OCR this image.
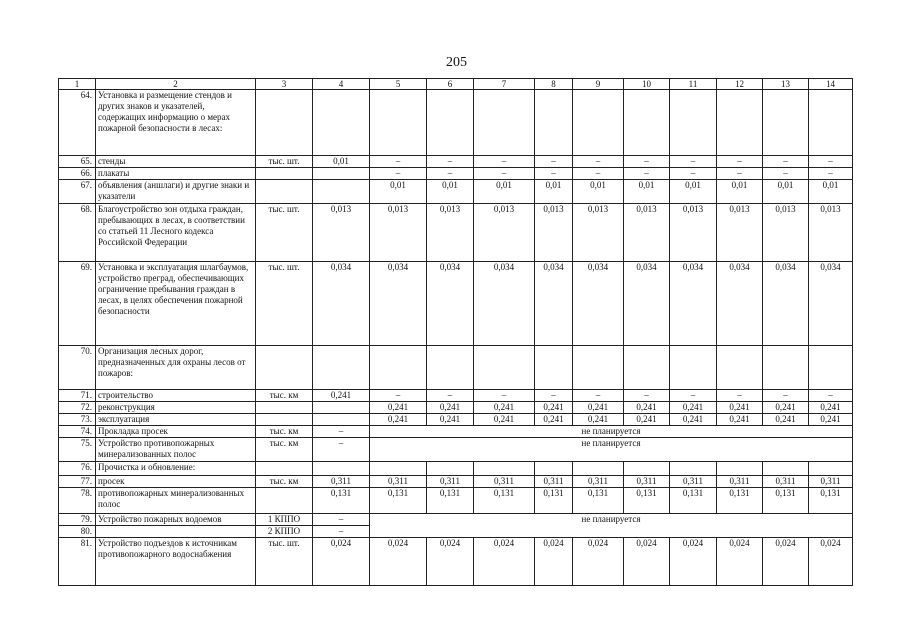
205
1	2	3	4	5	6	7	8	9	10	11	12	13	14
64.	Установка и размещение стендов и других знаков и указателей, содержащих информацию о мерах пожарной безопасности в лесах:												
65.	стенды	тыс. шт.	0,01	–	–	–	–	–	–	–	–	–	–
66.	плакаты			–	–	–	–	–	–	–	–	–	–
67.	объявления (аншлаги) и другие знаки и указатели			0,01	0,01	0,01	0,01	0,01	0,01	0,01	0,01	0,01	0,01
68.	Благоустройство зон отдыха граждан, пребывающих в лесах, в соответствии со статьей 11 Лесного кодекса Российской Федерации	тыс. шт.	0,013	0,013	0,013	0,013	0,013	0,013	0,013	0,013	0,013	0,013	0,013
69.	Установка и эксплуатация шлагбаумов, устройство преград, обеспечивающих ограничение пребывания граждан в лесах, в целях обеспечения пожарной безопасности	тыс. шт.	0,034	0,034	0,034	0,034	0,034	0,034	0,034	0,034	0,034	0,034	0,034
70.	Организация лесных дорог, предназначенных для охраны лесов от пожаров:												
71.	строительство	тыс. км	0,241	–	–	–	–	–	–	–	–	–	–
72.	реконструкция			0,241	0,241	0,241	0,241	0,241	0,241	0,241	0,241	0,241	0,241
73.	эксплуатация			0,241	0,241	0,241	0,241	0,241	0,241	0,241	0,241	0,241	0,241
74.	Прокладка просек	тыс. км	–	не планируется									
75.	Устройство противопожарных минерализованных полос	тыс. км	–	не планируется									
76.	Прочистка и обновление:												
77.	просек	тыс. км	0,311	0,311	0,311	0,311	0,311	0,311	0,311	0,311	0,311	0,311	0,311
78.	противопожарных минерализованных полос		0,131	0,131	0,131	0,131	0,131	0,131	0,131	0,131	0,131	0,131	0,131
79.	Устройство пожарных водоемов	1 КППО	–	не планируется									
80.		2 КППО	–										
81.	Устройство подъездов к источникам противопожарного водоснабжения	тыс. шт.	0,024	0,024	0,024	0,024	0,024	0,024	0,024	0,024	0,024	0,024	0,024
